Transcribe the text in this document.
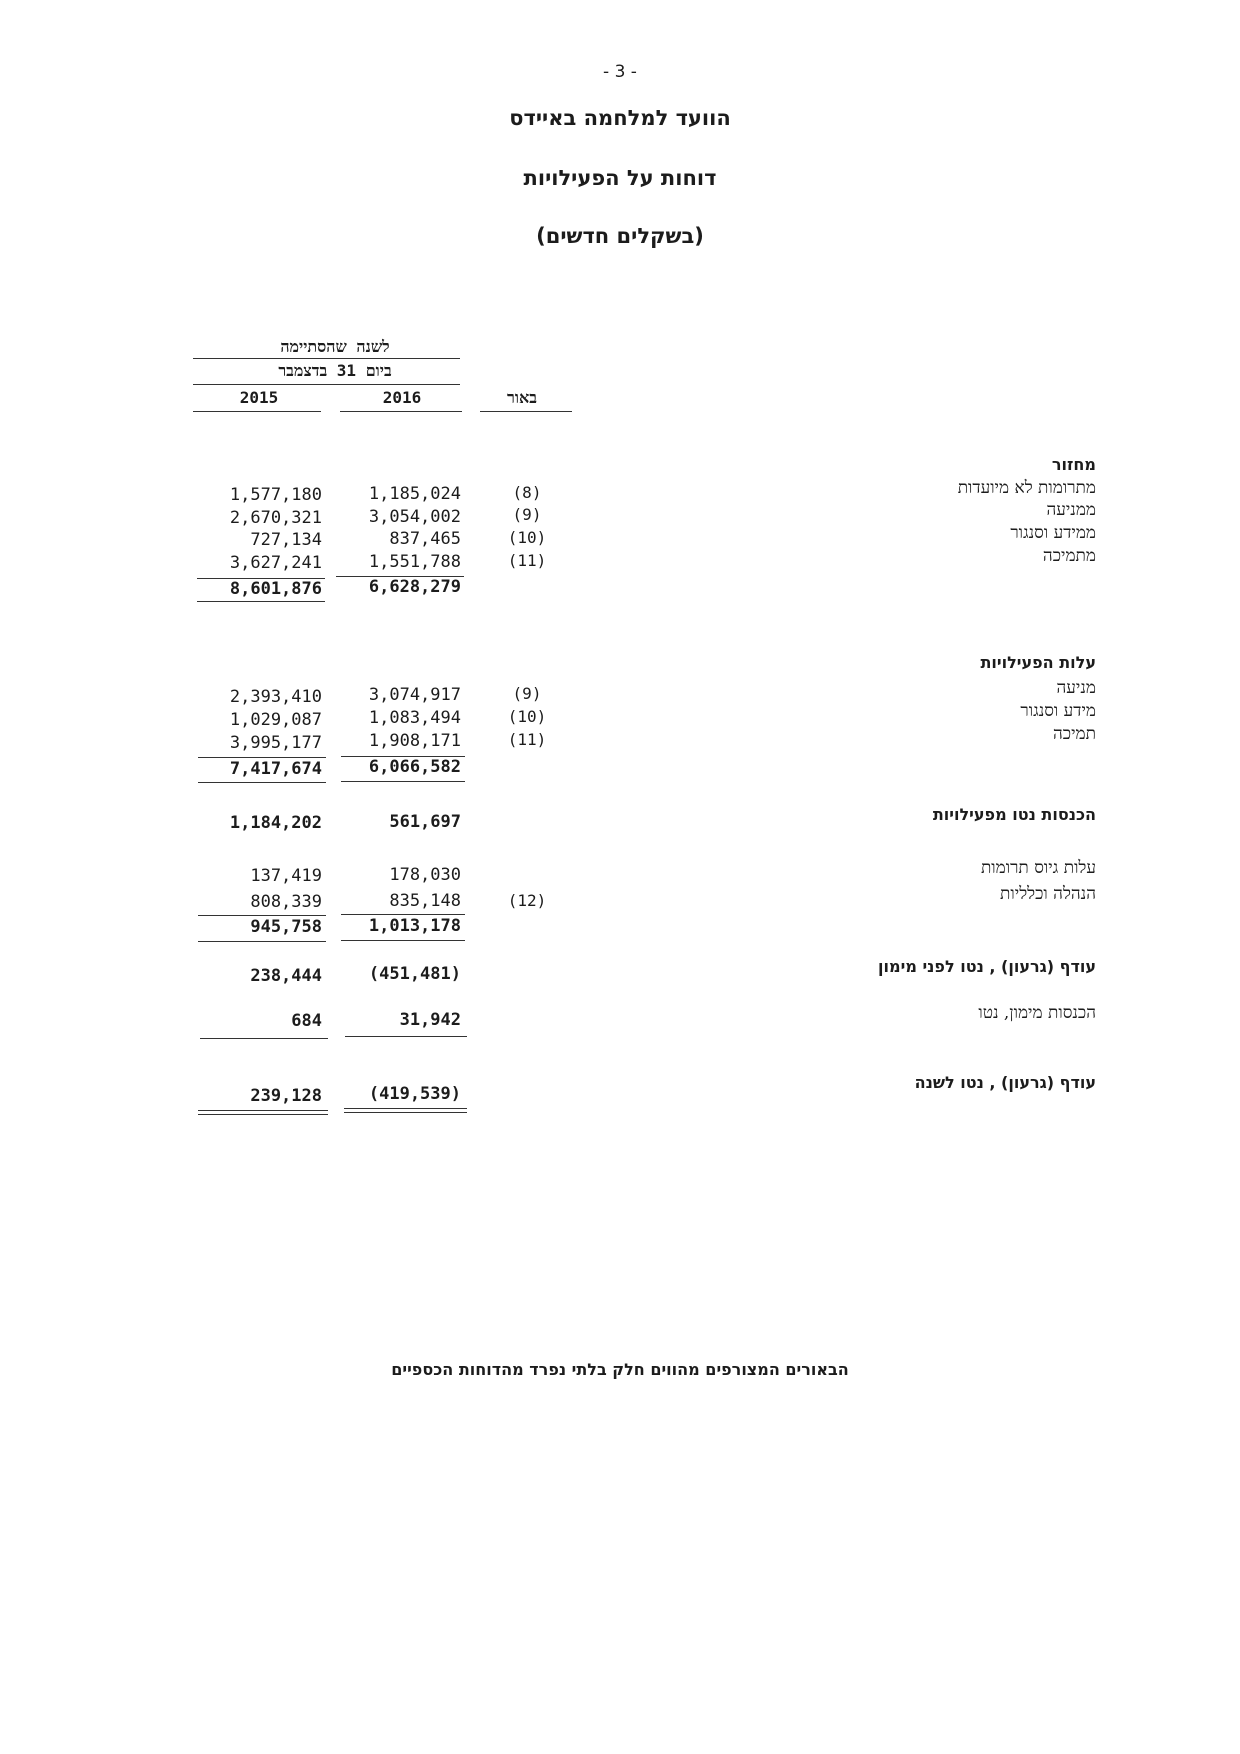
- 3 -
הוועד למלחמה באיידס
דוחות על הפעילויות
(בשקלים חדשים)
לשנה שהסתיימה
ביום 31 בדצמבר
2016
2015	באור
מחזור
מתרומות לא מיועדות
(8)
1,185,024
1,577,180
ממניעה
(9)
3,054,002
2,670,321
ממידע וסנגור
(10)
837,465
727,134
מתמיכה
(11)
1,551,788
3,627,241
6,628,279
8,601,876
עלות הפעילויות
מניעה
(9)
3,074,917
2,393,410
מידע וסנגור
(10)
1,083,494
1,029,087
תמיכה
(11)
1,908,171
3,995,177
6,066,582
7,417,674
הכנסות נטו מפעילויות
561,697
1,184,202
עלות גיוס תרומות
178,030
137,419
הנהלה וכלליות
(12)
835,148
808,339
1,013,178
945,758
עודף (גרעון) , נטו לפני מימון
(451,481)
238,444
הכנסות מימון, נטו
31,942
684
עודף (גרעון) , נטו לשנה
(419,539)
239,128
הבאורים המצורפים מהווים חלק בלתי נפרד מהדוחות הכספיים
